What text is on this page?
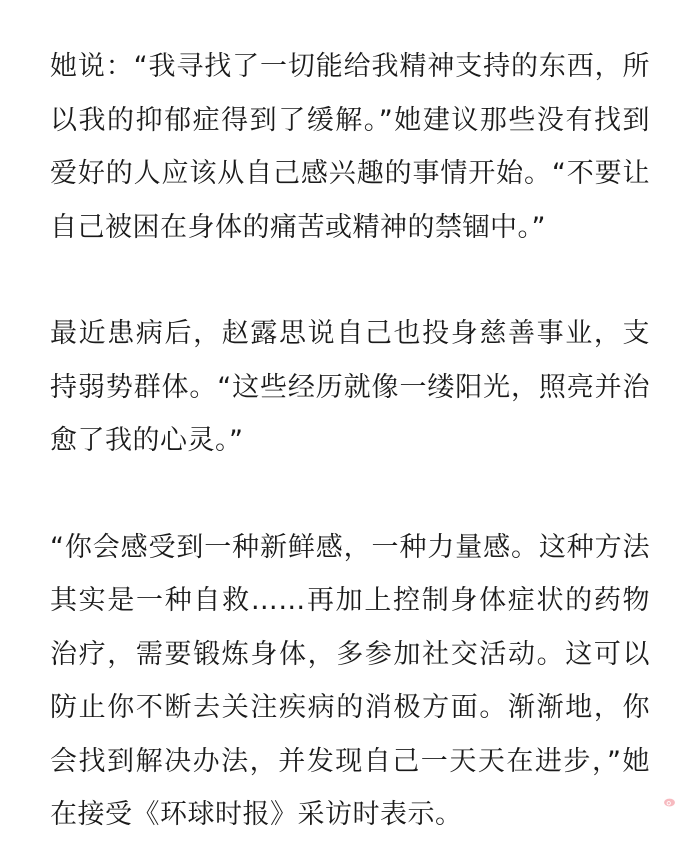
她说：“我寻找了一切能给我精神支持的东西，所以我的抑郁症得到了缓解。”她建议那些没有找到爱好的人应该从自己感兴趣的事情开始。“不要让自己被困在身体的痛苦或精神的禁锢中。”

最近患病后，赵露思说自己也投身慈善事业，支持弱势群体。“这些经历就像一缕阳光，照亮并治愈了我的心灵。”

“你会感受到一种新鲜感，一种力量感。这种方法其实是一种自救……再加上控制身体症状的药物治疗，需要锻炼身体，多参加社交活动。这可以防止你不断去关注疾病的消极方面。渐渐地，你会找到解决办法，并发现自己一天天在进步，”她在接受《环球时报》采访时表示。
